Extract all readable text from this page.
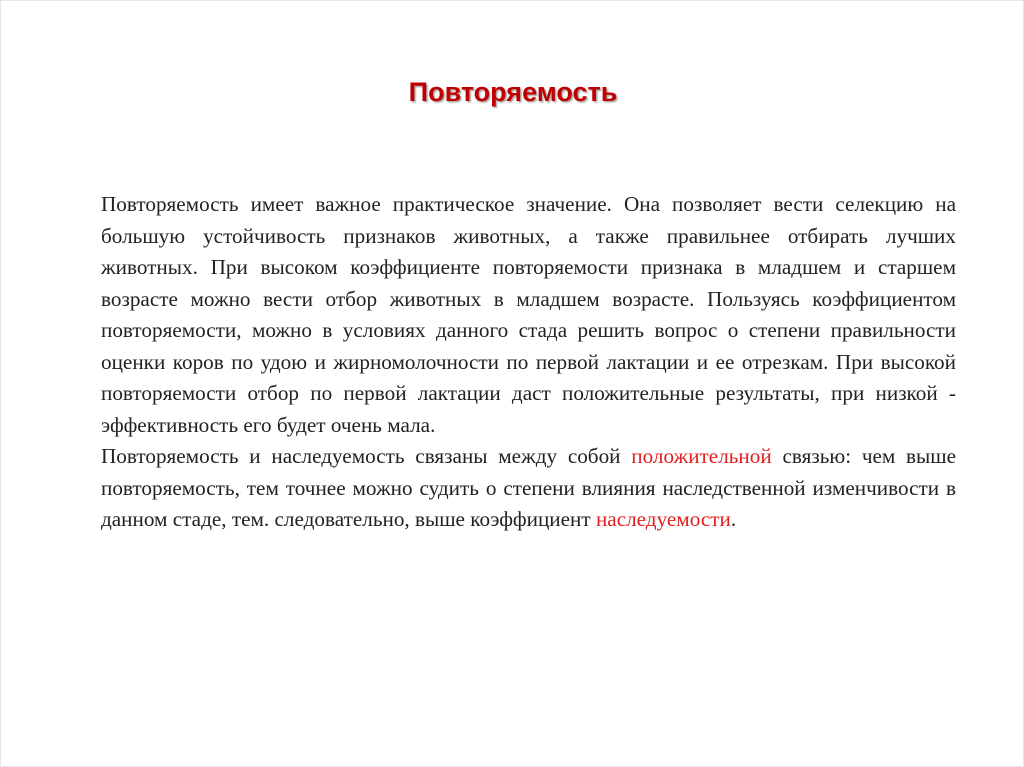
Повторяемость

Повторяемость имеет важное практическое значение. Она позволяет вести селекцию на большую устойчивость признаков животных, а также правильнее отбирать лучших животных. При высоком коэффициенте повторяемости признака в младшем и старшем возрасте можно вести отбор животных в младшем возрасте. Пользуясь коэффициентом повторяемости, можно в условиях данного стада решить вопрос о степени правильности оценки коров по удою и жирномолочности по первой лактации и ее отрезкам. При высокой повторяемости отбор по первой лактации даст положительные результаты, при низкой - эффективность его будет очень мала.

Повторяемость и наследуемость связаны между собой положительной связью: чем выше повторяемость, тем точнее можно судить о степени влияния наследственной изменчивости в данном стаде, тем. следовательно, выше коэффициент наследуемости.
